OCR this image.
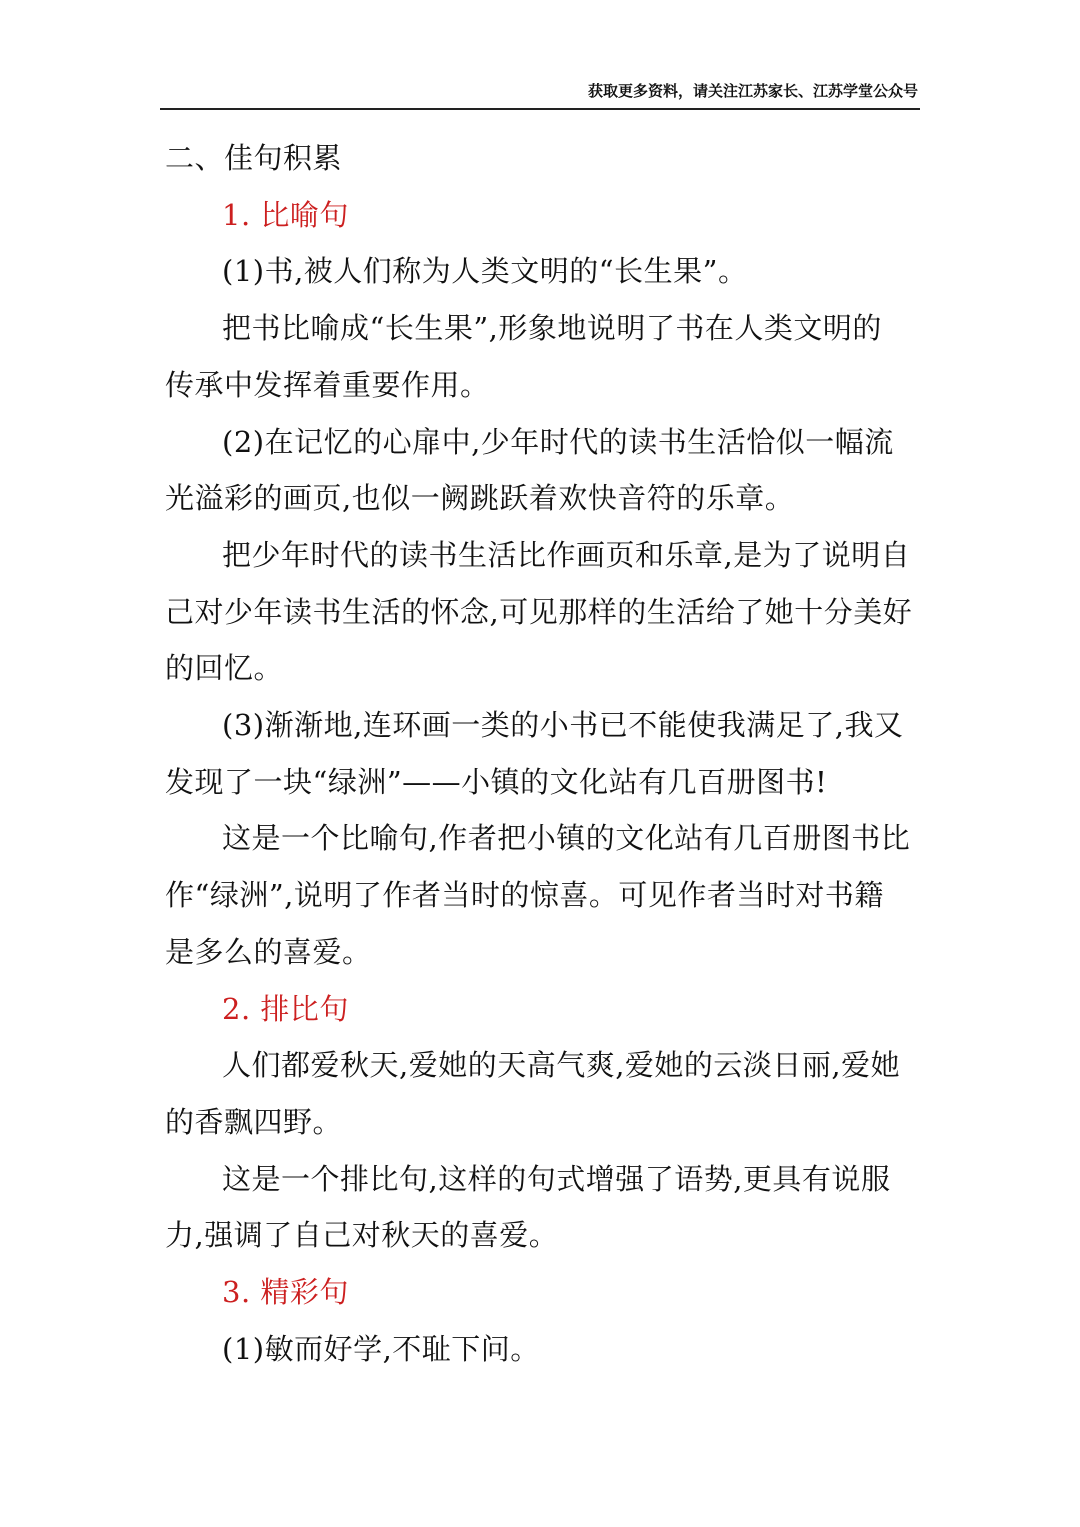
获取更多资料，请关注江苏家长、江苏学堂公众号
二、佳句积累
1. 比喻句
(1)书,被人们称为人类文明的“长生果”。
把书比喻成“长生果”,形象地说明了书在人类文明的
传承中发挥着重要作用。
(2)在记忆的心扉中,少年时代的读书生活恰似一幅流
光溢彩的画页,也似一阙跳跃着欢快音符的乐章。
把少年时代的读书生活比作画页和乐章,是为了说明自
己对少年读书生活的怀念,可见那样的生活给了她十分美好
的回忆。
(3)渐渐地,连环画一类的小书已不能使我满足了,我又
发现了一块“绿洲”——小镇的文化站有几百册图书!
这是一个比喻句,作者把小镇的文化站有几百册图书比
作“绿洲”,说明了作者当时的惊喜。可见作者当时对书籍
是多么的喜爱。
2. 排比句
人们都爱秋天,爱她的天高气爽,爱她的云淡日丽,爱她
的香飘四野。
这是一个排比句,这样的句式增强了语势,更具有说服
力,强调了自己对秋天的喜爱。
3. 精彩句
(1)敏而好学,不耻下问。
